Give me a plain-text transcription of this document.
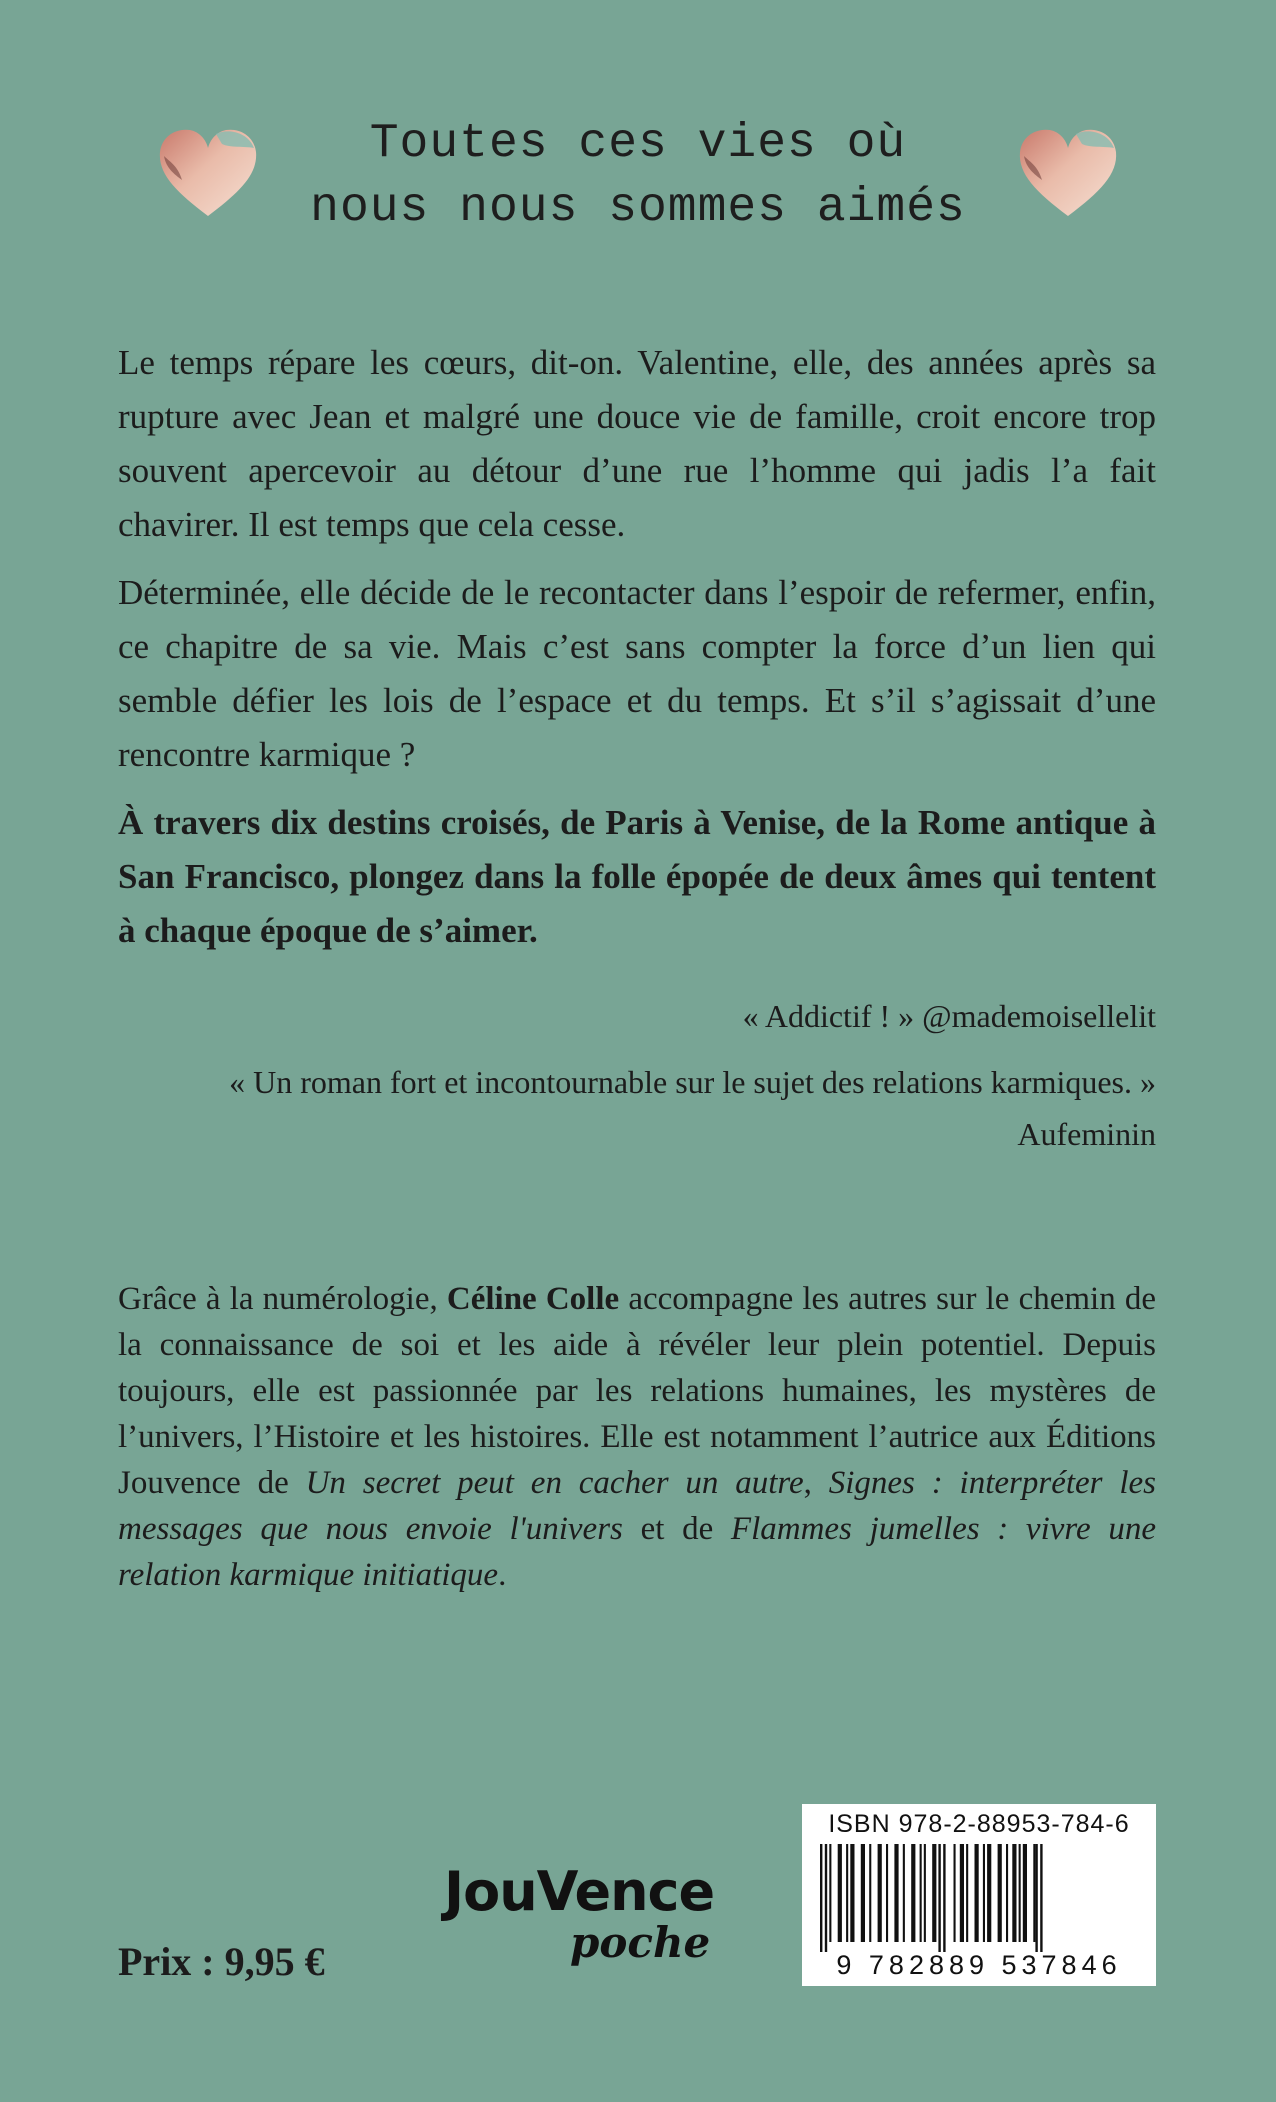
Toutes ces vies où
nous nous sommes aimés

Le temps répare les cœurs, dit-on. Valentine, elle, des années après sa rupture avec Jean et malgré une douce vie de famille, croit encore trop souvent apercevoir au détour d’une rue l’homme qui jadis l’a fait chavirer. Il est temps que cela cesse.

Déterminée, elle décide de le recontacter dans l’espoir de refermer, enfin, ce chapitre de sa vie. Mais c’est sans compter la force d’un lien qui semble défier les lois de l’espace et du temps. Et s’il s’agissait d’une rencontre karmique ?

À travers dix destins croisés, de Paris à Venise, de la Rome antique à San Francisco, plongez dans la folle épopée de deux âmes qui tentent à chaque époque de s’aimer.

« Addictif ! » @mademoisellelit

« Un roman fort et incontournable sur le sujet des relations karmiques. »

Aufeminin

Grâce à la numérologie, Céline Colle accompagne les autres sur le chemin de la connaissance de soi et les aide à révéler leur plein potentiel. Depuis toujours, elle est passionnée par les relations humaines, les mystères de l’univers, l’Histoire et les histoires. Elle est notamment l’autrice aux Éditions Jouvence de Un secret peut en cacher un autre, Signes : interpréter les messages que nous envoie l'univers et de Flammes jumelles : vivre une relation karmique initiatique.

Prix : 9,95 €
JouVence
poche
ISBN 978-2-88953-784-6
9 782889 537846
